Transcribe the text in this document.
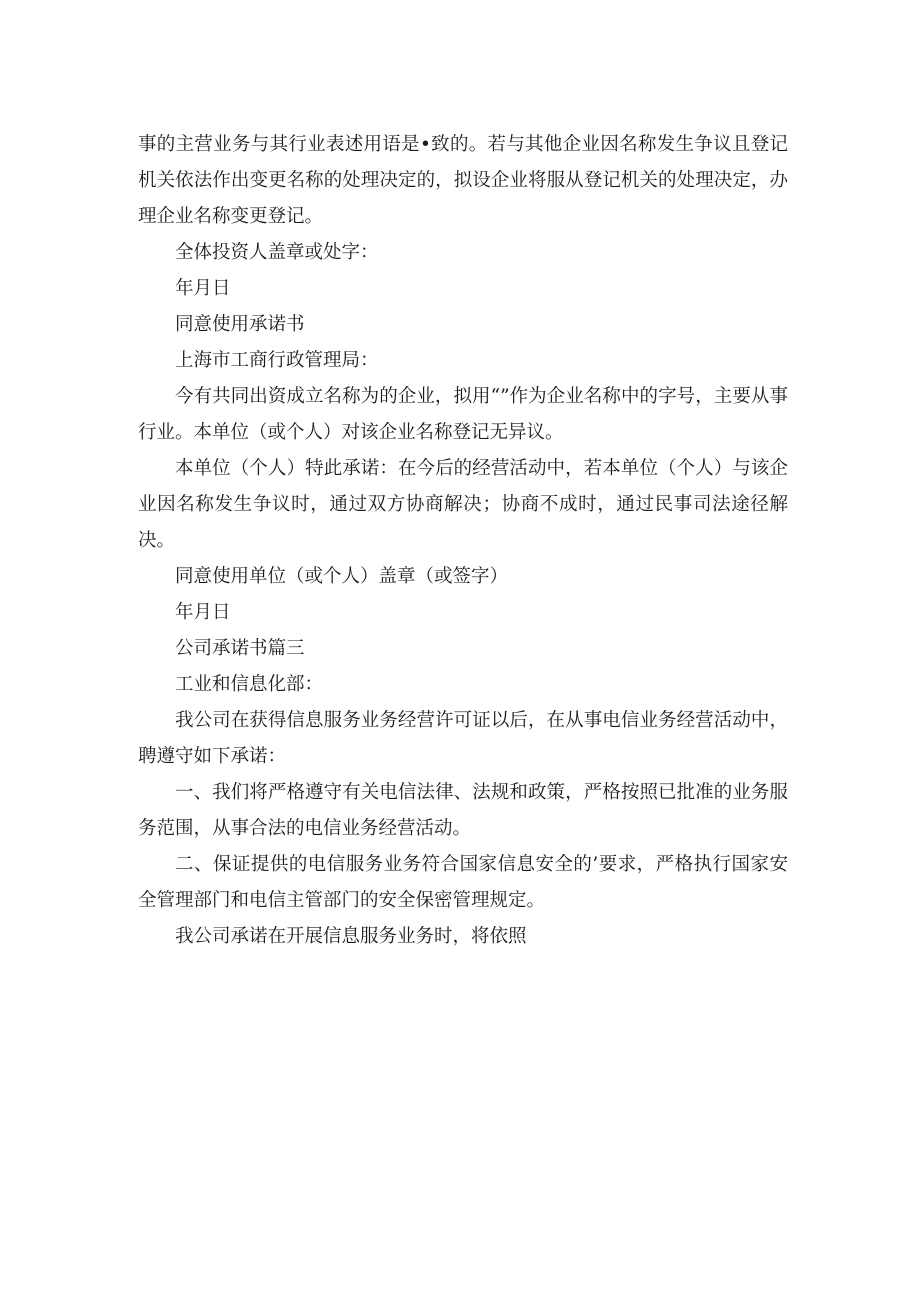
事的主营业务与其行业表述用语是•致的。若与其他企业因名称发生争议且登记机关依法作出变更名称的处理决定的，拟设企业将服从登记机关的处理决定，办理企业名称变更登记。

全体投资人盖章或处字：

年月日

同意使用承诺书

上海市工商行政管理局：

今有共同出资成立名称为的企业，拟用“”作为企业名称中的字号，主要从事行业。本单位（或个人）对该企业名称登记无异议。

本单位（个人）特此承诺：在今后的经营活动中，若本单位（个人）与该企业因名称发生争议时，通过双方协商解决；协商不成时，通过民事司法途径解决。

同意使用单位（或个人）盖章（或签字）

年月日

公司承诺书篇三

工业和信息化部：

我公司在获得信息服务业务经营许可证以后，在从事电信业务经营活动中，聘遵守如下承诺：

一、我们将严格遵守有关电信法律、法规和政策，严格按照已批准的业务服务范围，从事合法的电信业务经营活动。

二、保证提供的电信服务业务符合国家信息安全的’要求，严格执行国家安全管理部门和电信主管部门的安全保密管理规定。

我公司承诺在开展信息服务业务时，将依照
